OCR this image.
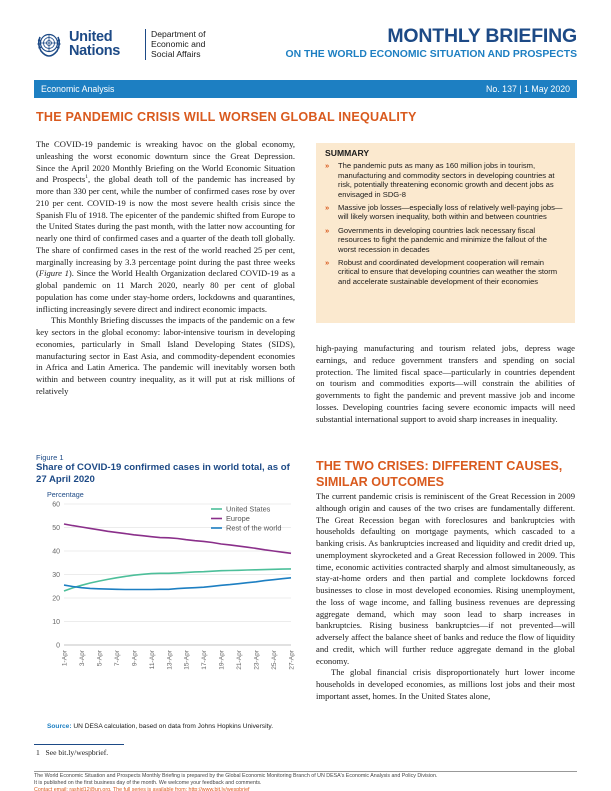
United
Nations
Department of
Economic and
Social Affairs
MONTHLY BRIEFING
ON THE WORLD ECONOMIC SITUATION AND PROSPECTS
Economic Analysis	No. 137 | 1 May 2020
THE PANDEMIC CRISIS WILL WORSEN GLOBAL INEQUALITY

The COVID-19 pandemic is wreaking havoc on the global economy, unleashing the worst economic downturn since the Great Depression. Since the April 2020 Monthly Briefing on the World Economic Situation and Prospects$^1$, the global death toll of the pandemic has increased by more than 330 per cent, while the number of confirmed cases rose by over 210 per cent. COVID-19 is now the most severe health crisis since the Spanish Flu of 1918. The epicenter of the pandemic shifted from Europe to the United States during the past month, with the latter now accounting for nearly one third of confirmed cases and a quarter of the death toll globally. The share of confirmed cases in the rest of the world reached 25 per cent, marginally increasing by 3.3 percentage point during the past three weeks (Figure 1). Since the World Health Organization declared COVID-19 as a global pandemic on 11 March 2020, nearly 80 per cent of global population has come under stay-home orders, lockdowns and quarantines, inflicting increasingly severe direct and indirect economic impacts.

This Monthly Briefing discusses the impacts of the pandemic on a few key sectors in the global economy: labor-intensive tourism in developing economies, particularly in Small Island Developing States (SIDS), manufacturing sector in East Asia, and commodity-dependent economies in Africa and Latin America. The pandemic will inevitably worsen both within and between country inequality, as it will put at risk millions of relatively

SUMMARY
»	The pandemic puts as many as 160 million jobs in tourism, manufacturing and commodity sectors in developing countries at risk, potentially threatening economic growth and decent jobs as envisaged in SDG-8
»	Massive job losses—especially loss of relatively well-paying jobs—will likely worsen inequality, both within and between countries
»	Governments in developing countries lack necessary fiscal resources to fight the pandemic and minimize the fallout of the worst recession in decades
»	Robust and coordinated development cooperation will remain critical to ensure that developing countries can weather the storm and accelerate sustainable development of their economies

high-paying manufacturing and tourism related jobs, depress wage earnings, and reduce government transfers and spending on social protection. The limited fiscal space—particularly in countries dependent on tourism and commodities exports—will constrain the abilities of governments to fight the pandemic and prevent massive job and income losses. Developing countries facing severe economic impacts will need substantial international support to avoid sharp increases in inequality.

THE TWO CRISES: DIFFERENT CAUSES, SIMILAR OUTCOMES

The current pandemic crisis is reminiscent of the Great Recession in 2009 although origin and causes of the two crises are fundamentally different. The Great Recession began with foreclosures and bankruptcies with households defaulting on mortgage payments, which cascaded to a banking crisis. As bankruptcies increased and liquidity and credit dried up, unemployment skyrocketed and a Great Recession followed in 2009. This time, economic activities contracted sharply and almost simultaneously, as stay-at-home orders and then partial and complete lockdowns forced businesses to close in most developed economies. Rising unemployment, the loss of wage income, and falling business revenues are depressing aggregate demand, which may soon lead to sharp increases in bankruptcies. Rising business bankruptcies—if not prevented—will adversely affect the balance sheet of banks and reduce the flow of liquidity and credit, which will further reduce aggregate demand in the global economy.

The global financial crisis disproportionately hurt lower income households in developed economies, as millions lost jobs and their most important asset, homes. In the United States alone,

Figure 1
Share of COVID-19 confirmed cases in world total, as of 27 April 2020
Percentage
0
10
20
30
40
50
60
1-Apr 3-Apr 5-Apr 7-Apr 9-Apr 11-Apr 13-Apr 15-Apr 17-Apr 19-Apr 21-Apr 23-Apr 25-Apr 27-Apr
United States
Europe
Rest of the world
Source: UN DESA calculation, based on data from Johns Hopkins University.
1 See bit.ly/wespbrief.
The World Economic Situation and Prospects Monthly Briefing is prepared by the Global Economic Monitoring Branch of UN DESA's Economic Analysis and Policy Division.
It is published on the first business day of the month. We welcome your feedback and comments.
Contact email: rashid12@un.org. The full series is available from: http://www.bit.ly/wespbrief
